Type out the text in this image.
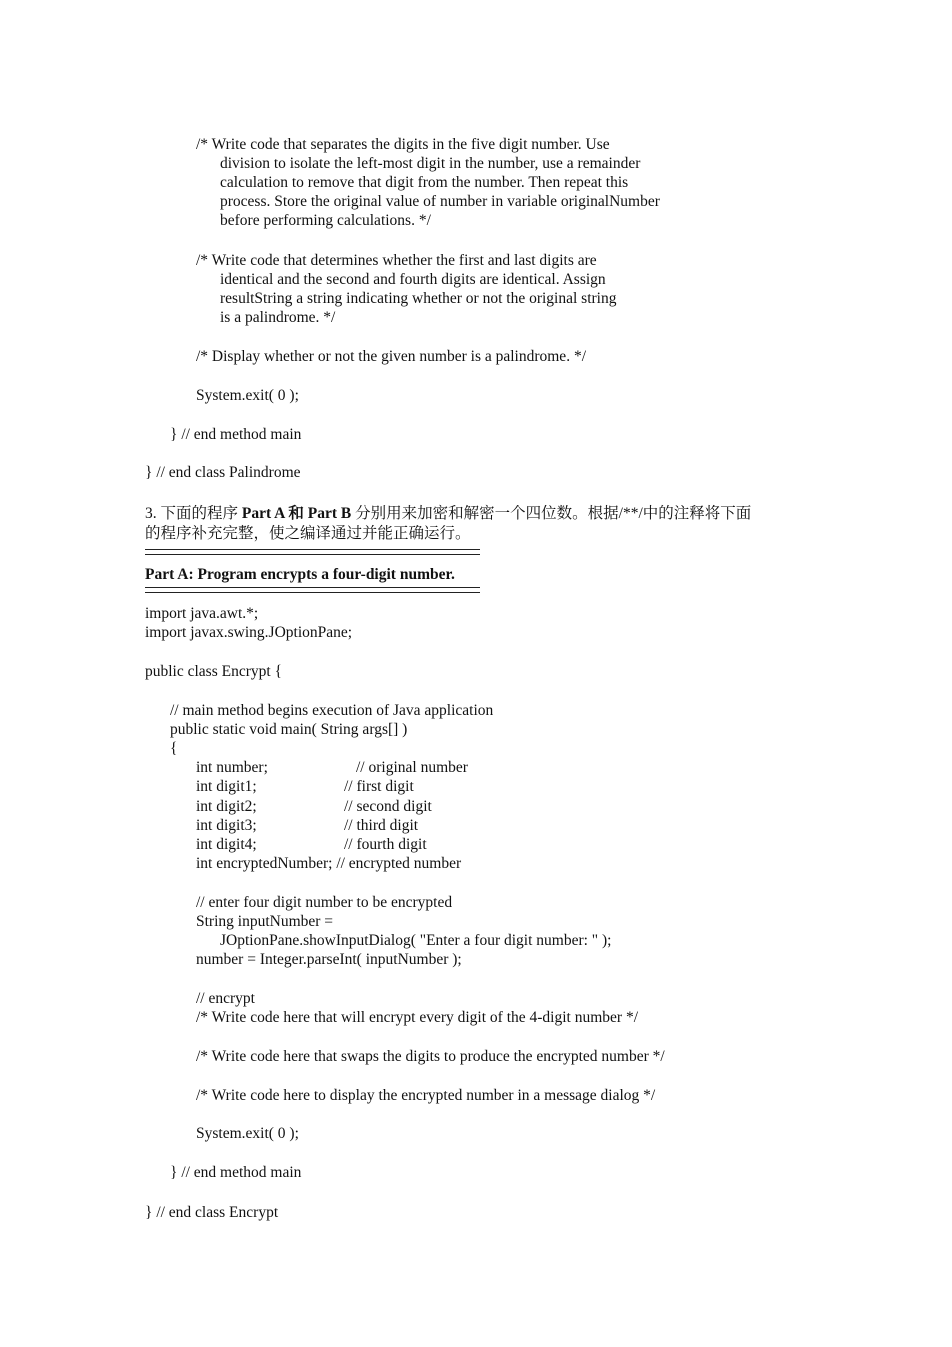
/* Write code that separates the digits in the five digit number. Use
division to isolate the left-most digit in the number, use a remainder
calculation to remove that digit from the number. Then repeat this
process. Store the original value of number in variable originalNumber
before performing calculations. */
/* Write code that determines whether the first and last digits are
identical and the second and fourth digits are identical. Assign
resultString a string indicating whether or not the original string
is a palindrome. */
/* Display whether or not the given number is a palindrome. */
System.exit( 0 );
} // end method main
} // end class Palindrome
3. 下面的程序 Part A 和 Part B 分别用来加密和解密一个四位数。根据/**/中的注释将下面
的程序补充完整，使之编译通过并能正确运行。
Part A: Program encrypts a four-digit number.
import java.awt.*;
import javax.swing.JOptionPane;
public class Encrypt {
// main method begins execution of Java application
public static void main( String args[] )
{
int number;	// original number
int digit1;	// first digit
int digit2;	// second digit
int digit3;	// third digit
int digit4;	// fourth digit
int encryptedNumber; // encrypted number
// enter four digit number to be encrypted
String inputNumber =
JOptionPane.showInputDialog( "Enter a four digit number: " );
number = Integer.parseInt( inputNumber );
// encrypt
/* Write code here that will encrypt every digit of the 4-digit number */
/* Write code here that swaps the digits to produce the encrypted number */
/* Write code here to display the encrypted number in a message dialog */
System.exit( 0 );
} // end method main
} // end class Encrypt
